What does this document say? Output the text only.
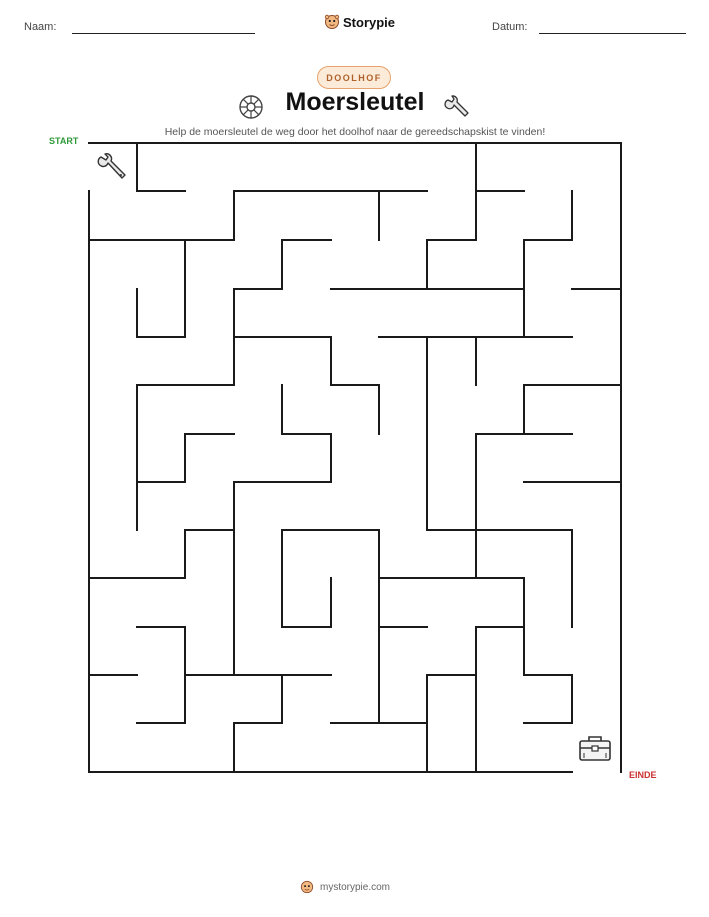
Naam:	Storypie	Datum:
DOOLHOF
Moersleutel
Help de moersleutel de weg door het doolhof naar de gereedschapskist te vinden!
START
EINDE
mystorypie.com
